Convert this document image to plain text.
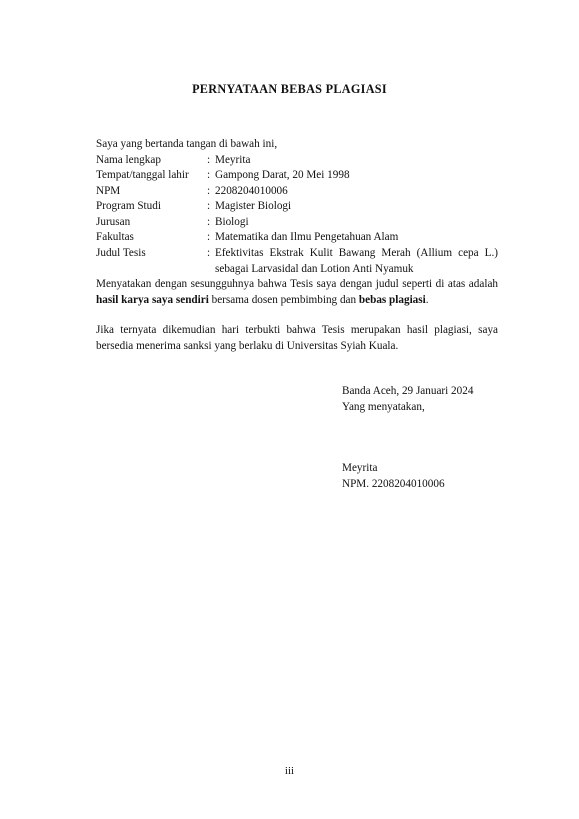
PERNYATAAN BEBAS PLAGIASI
Saya yang bertanda tangan di bawah ini,
Nama lengkap	: Meyrita
Tempat/tanggal lahir	: Gampong Darat, 20 Mei 1998
NPM	: 2208204010006
Program Studi	: Magister Biologi
Jurusan	: Biologi
Fakultas	: Matematika dan Ilmu Pengetahuan Alam
Judul Tesis	: Efektivitas Ekstrak Kulit Bawang Merah (Allium cepa L.) sebagai Larvasidal dan Lotion Anti Nyamuk

Menyatakan dengan sesungguhnya bahwa Tesis saya dengan judul seperti di atas adalah hasil karya saya sendiri bersama dosen pembimbing dan bebas plagiasi.

Jika ternyata dikemudian hari terbukti bahwa Tesis merupakan hasil plagiasi, saya bersedia menerima sanksi yang berlaku di Universitas Syiah Kuala.

Banda Aceh, 29 Januari 2024
Yang menyatakan,
Meyrita
NPM. 2208204010006
iii
